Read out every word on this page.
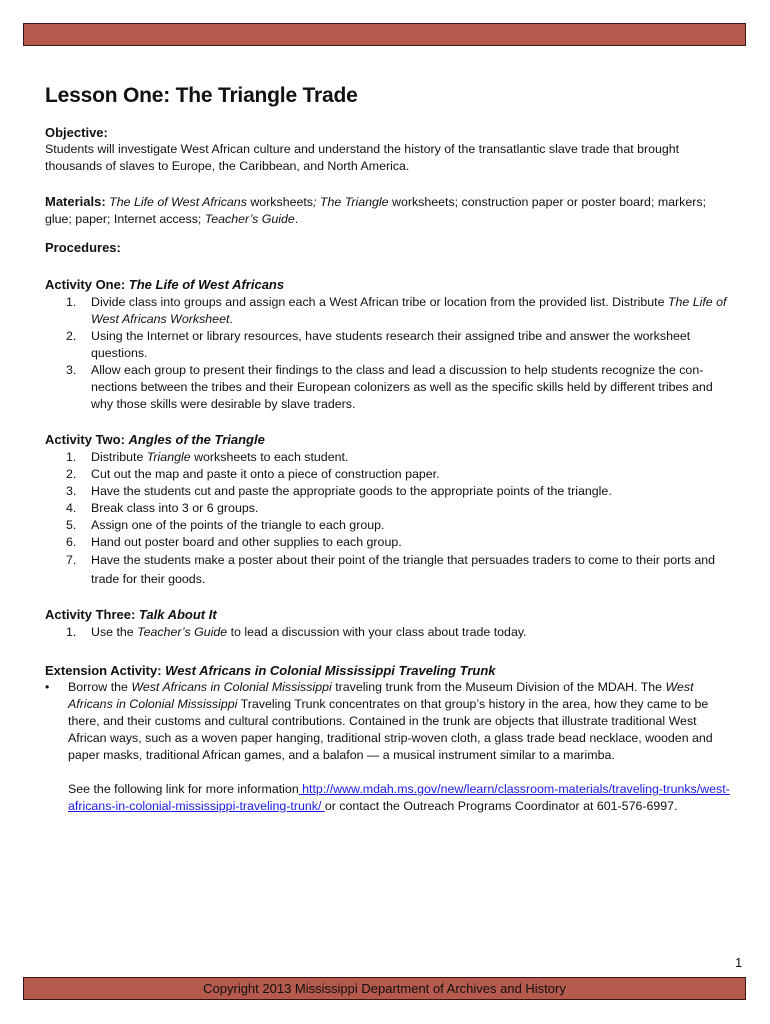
Lesson One: The Triangle Trade
Objective:
Students will investigate West African culture and understand the history of the transatlantic slave trade that brought thousands of slaves to Europe, the Caribbean, and North America.
Materials: The Life of West Africans worksheets; The Triangle worksheets; construction paper or poster board; markers; glue; paper; Internet access; Teacher’s Guide.
Procedures:
Activity One: The Life of West Africans
1. Divide class into groups and assign each a West African tribe or location from the provided list. Distribute The Life of West Africans Worksheet.
2. Using the Internet or library resources, have students research their assigned tribe and answer the worksheet questions.
3. Allow each group to present their findings to the class and lead a discussion to help students recognize the con-nections between the tribes and their European colonizers as well as the specific skills held by different tribes and why those skills were desirable by slave traders.
Activity Two: Angles of the Triangle
1. Distribute Triangle worksheets to each student.
2. Cut out the map and paste it onto a piece of construction paper.
3. Have the students cut and paste the appropriate goods to the appropriate points of the triangle.
4. Break class into 3 or 6 groups.
5. Assign one of the points of the triangle to each group.
6. Hand out poster board and other supplies to each group.
7. Have the students make a poster about their point of the triangle that persuades traders to come to their ports and trade for their goods.
Activity Three: Talk About It
1. Use the Teacher’s Guide to lead a discussion with your class about trade today.
Extension Activity: West Africans in Colonial Mississippi Traveling Trunk
• Borrow the West Africans in Colonial Mississippi traveling trunk from the Museum Division of the MDAH. The West Africans in Colonial Mississippi Traveling Trunk concentrates on that group’s history in the area, how they came to be there, and their customs and cultural contributions. Contained in the trunk are objects that illustrate traditional West African ways, such as a woven paper hanging, traditional strip-woven cloth, a glass trade bead necklace, wooden and paper masks, traditional African games, and a balafon — a musical instrument similar to a marimba.
See the following link for more information http://www.mdah.ms.gov/new/learn/classroom-materials/traveling-trunks/west-africans-in-colonial-mississippi-traveling-trunk/ or contact the Outreach Programs Coordinator at 601-576-6997.
1
Copyright 2013 Mississippi Department of Archives and History
